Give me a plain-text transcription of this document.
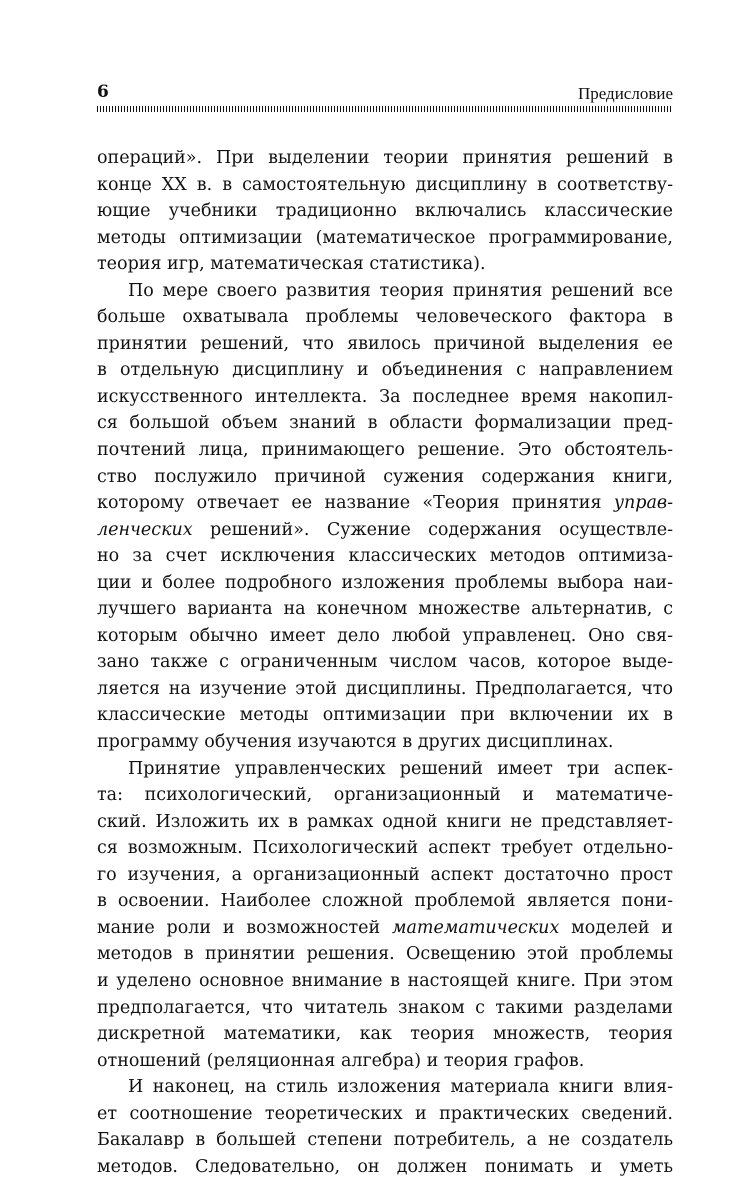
6	Предисловие
операций». При выделении теории принятия решений в
конце XX в. в самостоятельную дисциплину в соответству-
ющие учебники традиционно включались классические
методы оптимизации (математическое программирование,
теория игр, математическая статистика).
По мере своего развития теория принятия решений все
больше охватывала проблемы человеческого фактора в
принятии решений, что явилось причиной выделения ее
в отдельную дисциплину и объединения с направлением
искусственного интеллекта. За последнее время накопил-
ся большой объем знаний в области формализации пред-
почтений лица, принимающего решение. Это обстоятель-
ство послужило причиной сужения содержания книги,
которому отвечает ее название «Теория принятия управ-
ленческих решений». Сужение содержания осуществле-
но за счет исключения классических методов оптимиза-
ции и более подробного изложения проблемы выбора наи-
лучшего варианта на конечном множестве альтернатив, с
которым обычно имеет дело любой управленец. Оно свя-
зано также с ограниченным числом часов, которое выде-
ляется на изучение этой дисциплины. Предполагается, что
классические методы оптимизации при включении их в
программу обучения изучаются в других дисциплинах.
Принятие управленческих решений имеет три аспек-
та: психологический, организационный и математиче-
ский. Изложить их в рамках одной книги не представляет-
ся возможным. Психологический аспект требует отдельно-
го изучения, а организационный аспект достаточно прост
в освоении. Наиболее сложной проблемой является пони-
мание роли и возможностей математических моделей и
методов в принятии решения. Освещению этой проблемы
и уделено основное внимание в настоящей книге. При этом
предполагается, что читатель знаком с такими разделами
дискретной математики, как теория множеств, теория
отношений (реляционная алгебра) и теория графов.
И наконец, на стиль изложения материала книги влия-
ет соотношение теоретических и практических сведений.
Бакалавр в большей степени потребитель, а не создатель
методов. Следовательно, он должен понимать и уметь
